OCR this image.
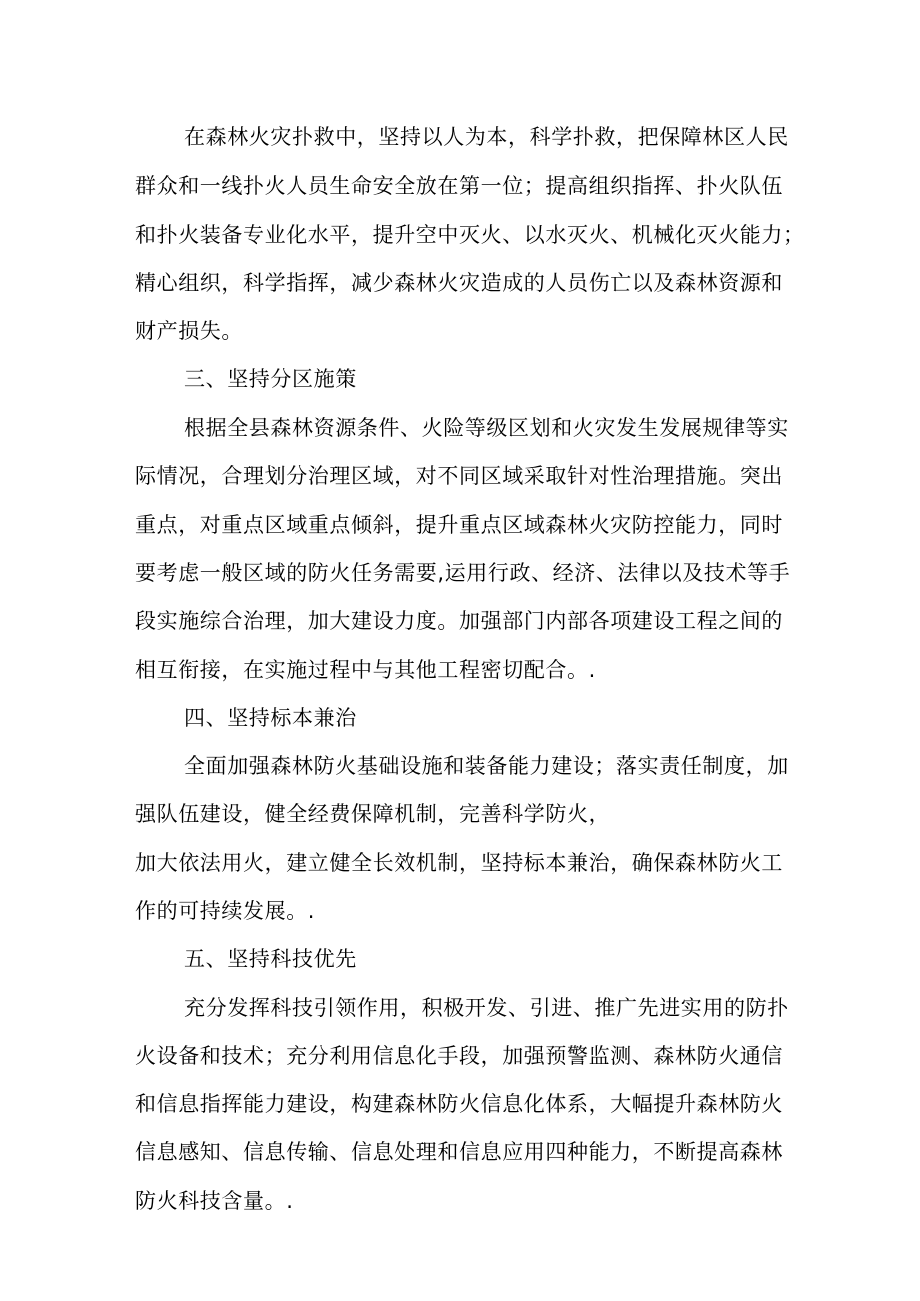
在森林火灾扑救中，坚持以人为本，科学扑救，把保障林区人民
群众和一线扑火人员生命安全放在第一位；提高组织指挥、扑火队伍
和扑火装备专业化水平，提升空中灭火、以水灭火、机械化灭火能力；
精心组织，科学指挥，减少森林火灾造成的人员伤亡以及森林资源和
财产损失。
三、坚持分区施策
根据全县森林资源条件、火险等级区划和火灾发生发展规律等实
际情况，合理划分治理区域，对不同区域采取针对性治理措施。突出
重点，对重点区域重点倾斜，提升重点区域森林火灾防控能力，同时
要考虑一般区域的防火任务需要,运用行政、经济、法律以及技术等手
段实施综合治理，加大建设力度。加强部门内部各项建设工程之间的
相互衔接，在实施过程中与其他工程密切配合。.
四、坚持标本兼治
全面加强森林防火基础设施和装备能力建设；落实责任制度，加
强队伍建设，健全经费保障机制，完善科学防火，
加大依法用火，建立健全长效机制，坚持标本兼治，确保森林防火工
作的可持续发展。.
五、坚持科技优先
充分发挥科技引领作用，积极开发、引进、推广先进实用的防扑
火设备和技术；充分利用信息化手段，加强预警监测、森林防火通信
和信息指挥能力建设，构建森林防火信息化体系，大幅提升森林防火
信息感知、信息传输、信息处理和信息应用四种能力，不断提高森林
防火科技含量。.
